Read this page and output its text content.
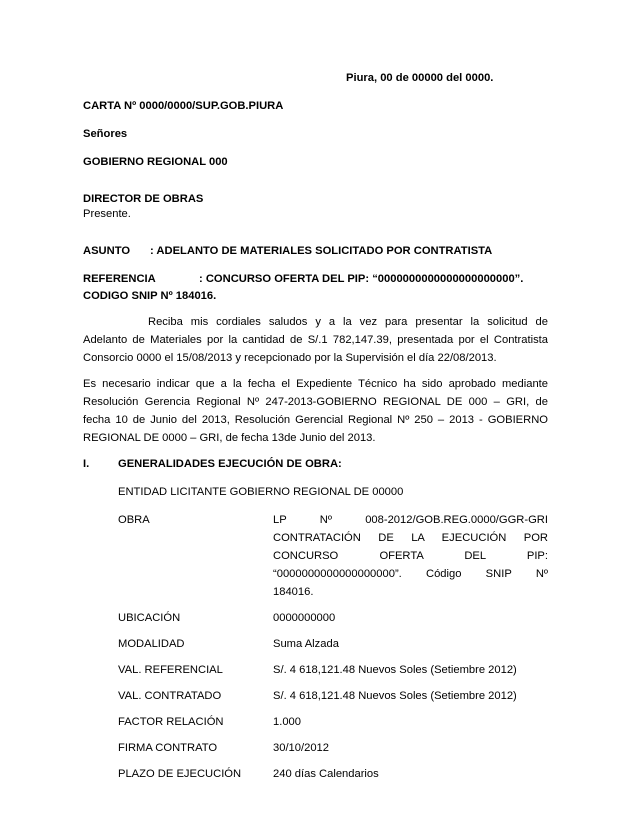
Piura, 00 de 00000 del 0000.
CARTA Nº 0000/0000/SUP.GOB.PIURA
Señores
GOBIERNO REGIONAL 000
DIRECTOR DE OBRAS
Presente.
ASUNTO : ADELANTO DE MATERIALES SOLICITADO POR CONTRATISTA
REFERENCIA	: CONCURSO OFERTA DEL PIP: “0000000000000000000000”.
CODIGO SNIP Nº 184016.
Reciba mis cordiales saludos y a la vez para presentar la solicitud de
Adelanto de Materiales por la cantidad de S/.1 782,147.39, presentada por el Contratista
Consorcio 0000 el 15/08/2013 y recepcionado por la Supervisión el día 22/08/2013.
Es necesario indicar que a la fecha el Expediente Técnico ha sido aprobado mediante
Resolución Gerencia Regional Nº 247-2013-GOBIERNO REGIONAL DE 000 – GRI, de
fecha 10 de Junio del 2013, Resolución Gerencial Regional Nº 250 – 2013 - GOBIERNO
REGIONAL DE 0000 – GRI, de fecha 13de Junio del 2013.
I.	GENERALIDADES EJECUCIÓN DE OBRA:
ENTIDAD LICITANTE GOBIERNO REGIONAL DE 00000
OBRA	LP Nº 008-2012/GOB.REG.0000/GGR-GRI
CONTRATACIÓN DE LA EJECUCIÓN POR
CONCURSO OFERTA DEL PIP:
“0000000000000000000”. Código SNIP Nº
184016.
UBICACIÓN	0000000000
MODALIDAD	Suma Alzada
VAL. REFERENCIAL	S/. 4 618,121.48 Nuevos Soles (Setiembre 2012)
VAL. CONTRATADO	S/. 4 618,121.48 Nuevos Soles (Setiembre 2012)
FACTOR RELACIÓN	1.000
FIRMA CONTRATO	30/10/2012
PLAZO DE EJECUCIÓN	240 días Calendarios
